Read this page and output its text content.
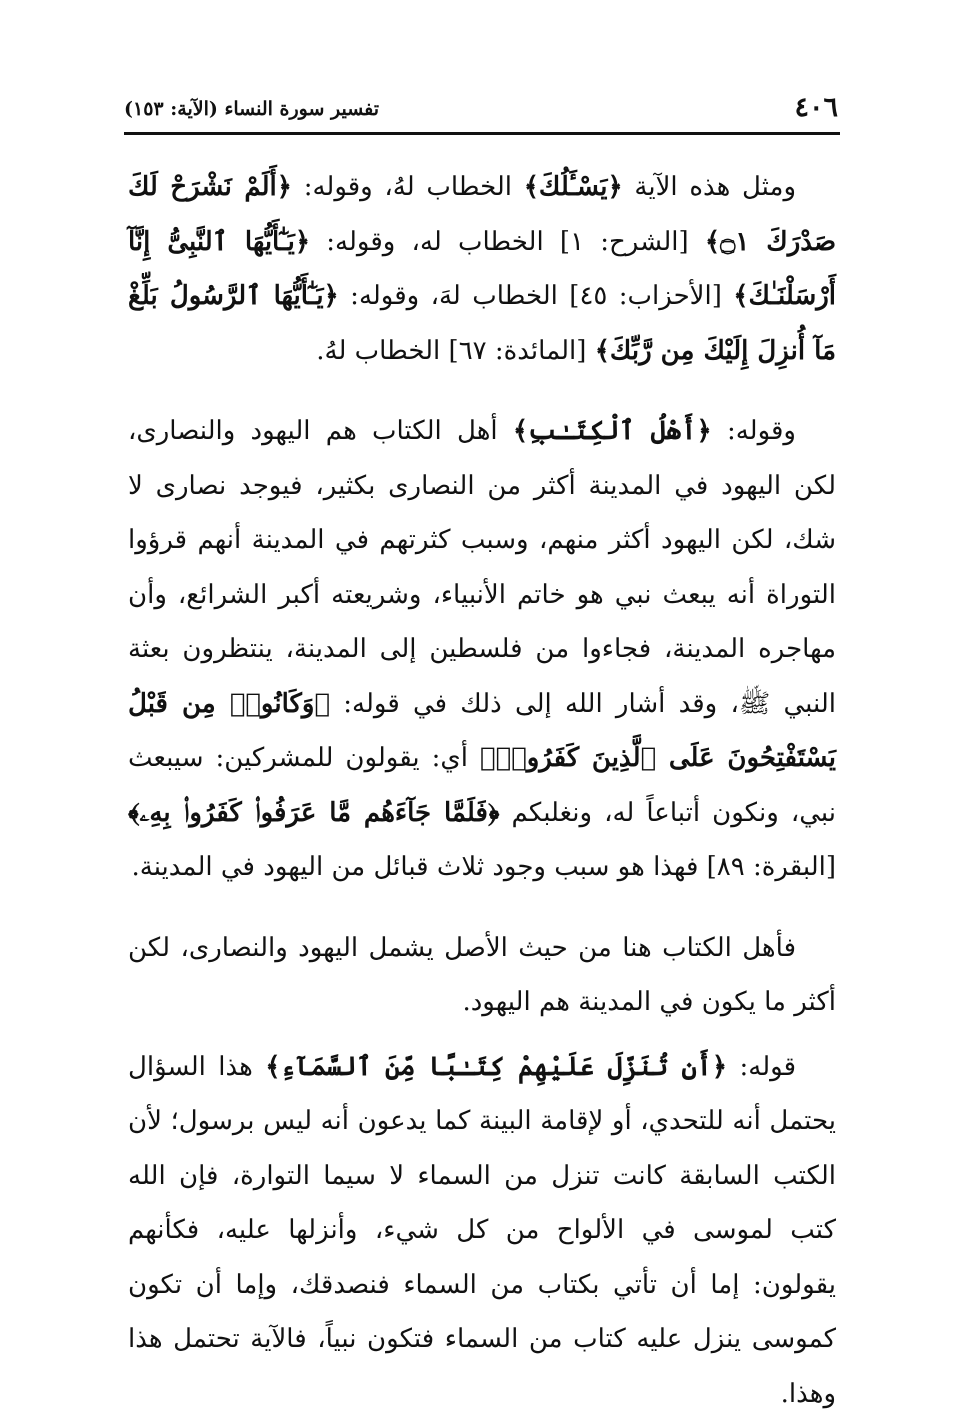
٤٠٦
تفسير سورة النساء (الآية: ١٥٣)

ومثل هذه الآية ﴿يَسْـَٔلُكَ﴾ الخطاب لهُ، وقوله: ﴿أَلَمْ نَشْرَحْ لَكَ صَدْرَكَ ۝١﴾ [الشرح: ١] الخطاب له، وقوله: ﴿يَـٰٓأَيُّهَا ٱلنَّبِىُّ إِنَّآ أَرْسَلْنَـٰكَ﴾ [الأحزاب: ٤٥] الخطاب لهَ، وقوله: ﴿يَـٰٓأَيُّهَا ٱلرَّسُولُ بَلِّغْ مَآ أُنزِلَ إِلَيْكَ مِن رَّبِّكَ﴾ [المائدة: ٦٧] الخطاب لهُ.

وقوله: ﴿أَهْلُ ٱلْكِتَـٰبِ﴾ أهل الكتاب هم اليهود والنصارى، لكن اليهود في المدينة أكثر من النصارى بكثير، فيوجد نصارى لا شك، لكن اليهود أكثر منهم، وسبب كثرتهم في المدينة أنهم قرؤوا التوراة أنه يبعث نبي هو خاتم الأنبياء، وشريعته أكبر الشرائع، وأن مهاجره المدينة، فجاءوا من فلسطين إلى المدينة، ينتظرون بعثة النبي ﷺ، وقد أشار الله إلى ذلك في قوله: ﴿وَكَانُوا۟ مِن قَبْلُ يَسْتَفْتِحُونَ عَلَى ٱلَّذِينَ كَفَرُوا۟﴾ أي: يقولون للمشركين: سيبعث نبي، ونكون أتباعاً له، ونغلبكم ﴿فَلَمَّا جَآءَهُم مَّا عَرَفُوا۟ كَفَرُوا۟ بِهِۦ﴾ [البقرة: ٨٩] فهذا هو سبب وجود ثلاث قبائل من اليهود في المدينة.

فأهل الكتاب هنا من حيث الأصل يشمل اليهود والنصارى، لكن أكثر ما يكون في المدينة هم اليهود.

قوله: ﴿أَن تُنَزِّلَ عَلَيْهِمْ كِتَـٰبًا مِّنَ ٱلسَّمَآءِ﴾ هذا السؤال يحتمل أنه للتحدي، أو لإقامة البينة كما يدعون أنه ليس برسول؛ لأن الكتب السابقة كانت تنزل من السماء لا سيما التوارة، فإن الله كتب لموسى في الألواح من كل شيء، وأنزلها عليه، فكأنهم يقولون: إما أن تأتي بكتاب من السماء فنصدقك، وإما أن تكون كموسى ينزل عليه كتاب من السماء فتكون نبياً، فالآية تحتمل هذا وهذا.
